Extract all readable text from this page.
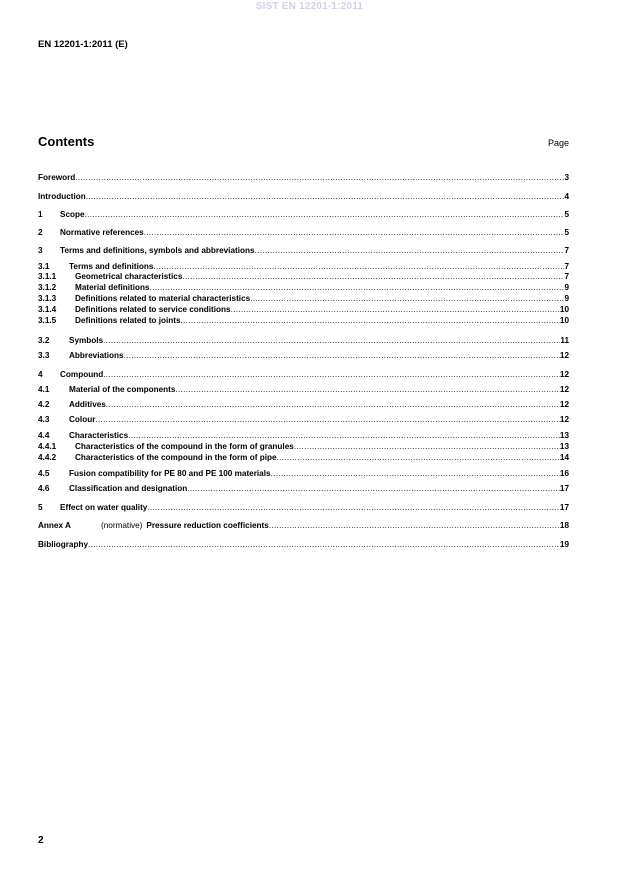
SIST EN 12201-1:2011
EN 12201-1:2011 (E)
Contents	Page
Foreword .....	3
Introduction .....	4
1	Scope .....	5
2	Normative references .....	5
3	Terms and definitions, symbols and abbreviations .....	7
3.1	Terms and definitions .....	7
3.1.1	Geometrical characteristics .....	7
3.1.2	Material definitions .....	9
3.1.3	Definitions related to material characteristics .....	9
3.1.4	Definitions related to service conditions .....	10
3.1.5	Definitions related to joints .....	10
3.2	Symbols .....	11
3.3	Abbreviations .....	12
4	Compound .....	12
4.1	Material of the components .....	12
4.2	Additives .....	12
4.3	Colour .....	12
4.4	Characteristics .....	13
4.4.1	Characteristics of the compound in the form of granules .....	13
4.4.2	Characteristics of the compound in the form of pipe .....	14
4.5	Fusion compatibility for PE 80 and PE 100 materials .....	16
4.6	Classification and designation .....	17
5	Effect on water quality .....	17
Annex A	(normative) Pressure reduction coefficients .....	18
Bibliography .....	19
2
